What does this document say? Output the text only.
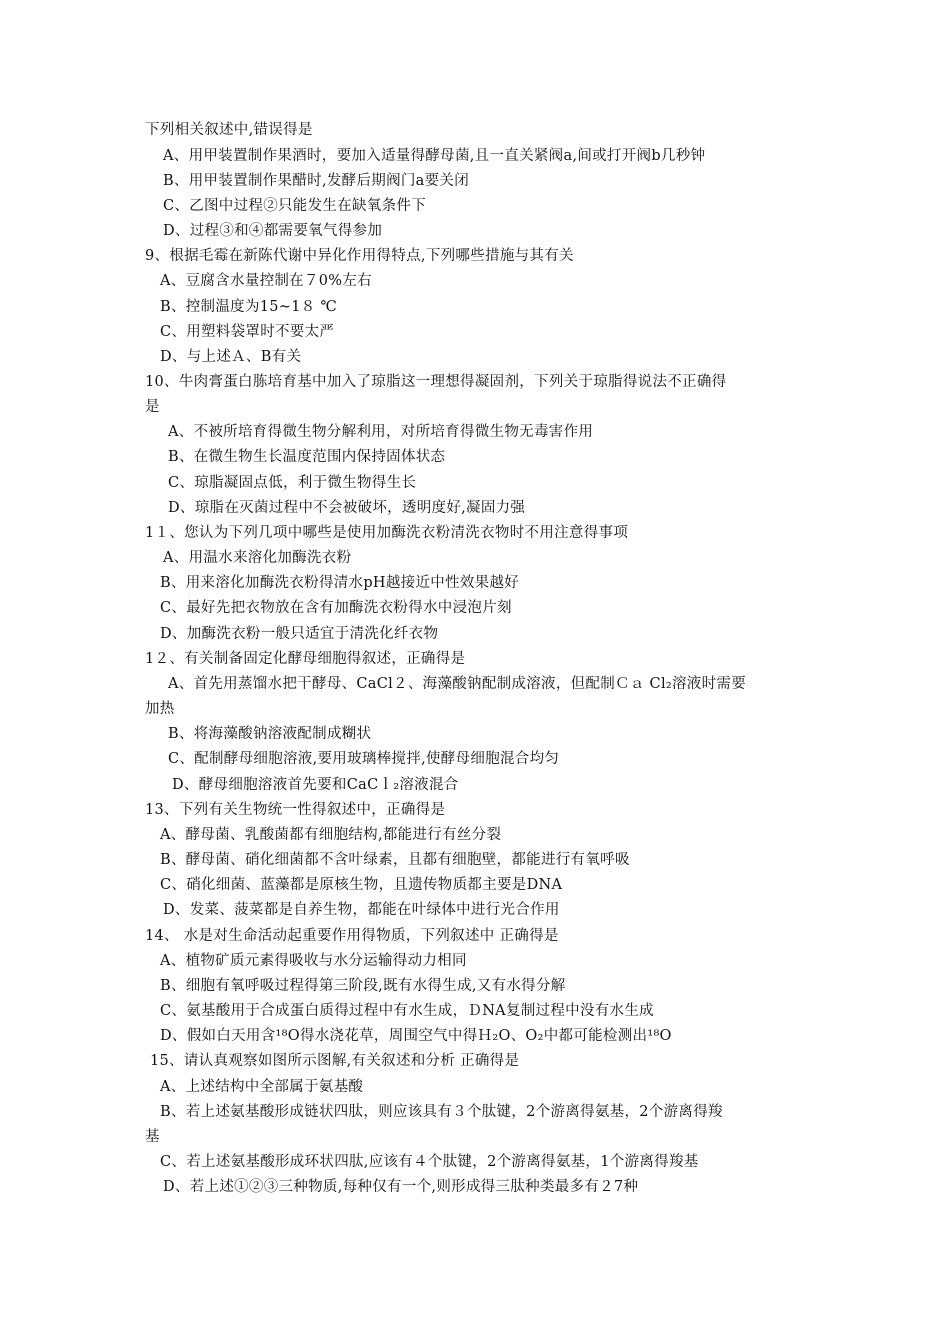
下列相关叙述中,错误得是
A、用甲装置制作果酒时，要加入适量得酵母菌,且一直关紧阀a,间或打开阀b几秒钟
B、用甲装置制作果醋时,发酵后期阀门a要关闭
C、乙图中过程②只能发生在缺氧条件下
D、过程③和④都需要氧气得参加
9、根据毛霉在新陈代谢中异化作用得特点,下列哪些措施与其有关
A、豆腐含水量控制在７0%左右
B、控制温度为15~1８ ℃
C、用塑料袋罩时不要太严
D、与上述Ａ、B有关
10、牛肉膏蛋白胨培育基中加入了琼脂这一理想得凝固剂，下列关于琼脂得说法不正确得
是
A、不被所培育得微生物分解利用，对所培育得微生物无毒害作用
B、在微生物生长温度范围内保持固体状态
C、琼脂凝固点低，利于微生物得生长
D、琼脂在灭菌过程中不会被破坏，透明度好,凝固力强
1１、您认为下列几项中哪些是使用加酶洗衣粉清洗衣物时不用注意得事项
A、用温水来溶化加酶洗衣粉
B、用来溶化加酶洗衣粉得清水pH越接近中性效果越好
C、最好先把衣物放在含有加酶洗衣粉得水中浸泡片刻
D、加酶洗衣粉一般只适宜于清洗化纤衣物
1２、有关制备固定化酵母细胞得叙述，正确得是
A、首先用蒸馏水把干酵母、CaCl２、海藻酸钠配制成溶液，但配制Ｃａ Cl₂溶液时需要
加热
B、将海藻酸钠溶液配制成糊状
C、配制酵母细胞溶液,要用玻璃棒搅拌,使酵母细胞混合均匀
D、酵母细胞溶液首先要和CaCｌ₂溶液混合
13、下列有关生物统一性得叙述中，正确得是
A、酵母菌、乳酸菌都有细胞结构,都能进行有丝分裂
B、酵母菌、硝化细菌都不含叶绿素，且都有细胞壁，都能进行有氧呼吸
C、硝化细菌、蓝藻都是原核生物，且遗传物质都主要是DNA
D、发菜、菠菜都是自养生物，都能在叶绿体中进行光合作用
14、 水是对生命活动起重要作用得物质，下列叙述中 正确得是
A、植物矿质元素得吸收与水分运输得动力相同
B、细胞有氧呼吸过程得第三阶段,既有水得生成,又有水得分解
C、氨基酸用于合成蛋白质得过程中有水生成，ＤNA复制过程中没有水生成
D、假如白天用含¹⁸O得水浇花草，周围空气中得Ｈ₂O、O₂中都可能检测出¹⁸O
15、请认真观察如图所示图解,有关叙述和分析 正确得是
A、上述结构中全部属于氨基酸
B、若上述氨基酸形成链状四肽，则应该具有３个肽键，2个游离得氨基，2个游离得羧
基
C、若上述氨基酸形成环状四肽,应该有４个肽键，2个游离得氨基，1个游离得羧基
D、若上述①②③三种物质,每种仅有一个,则形成得三肽种类最多有２7种
